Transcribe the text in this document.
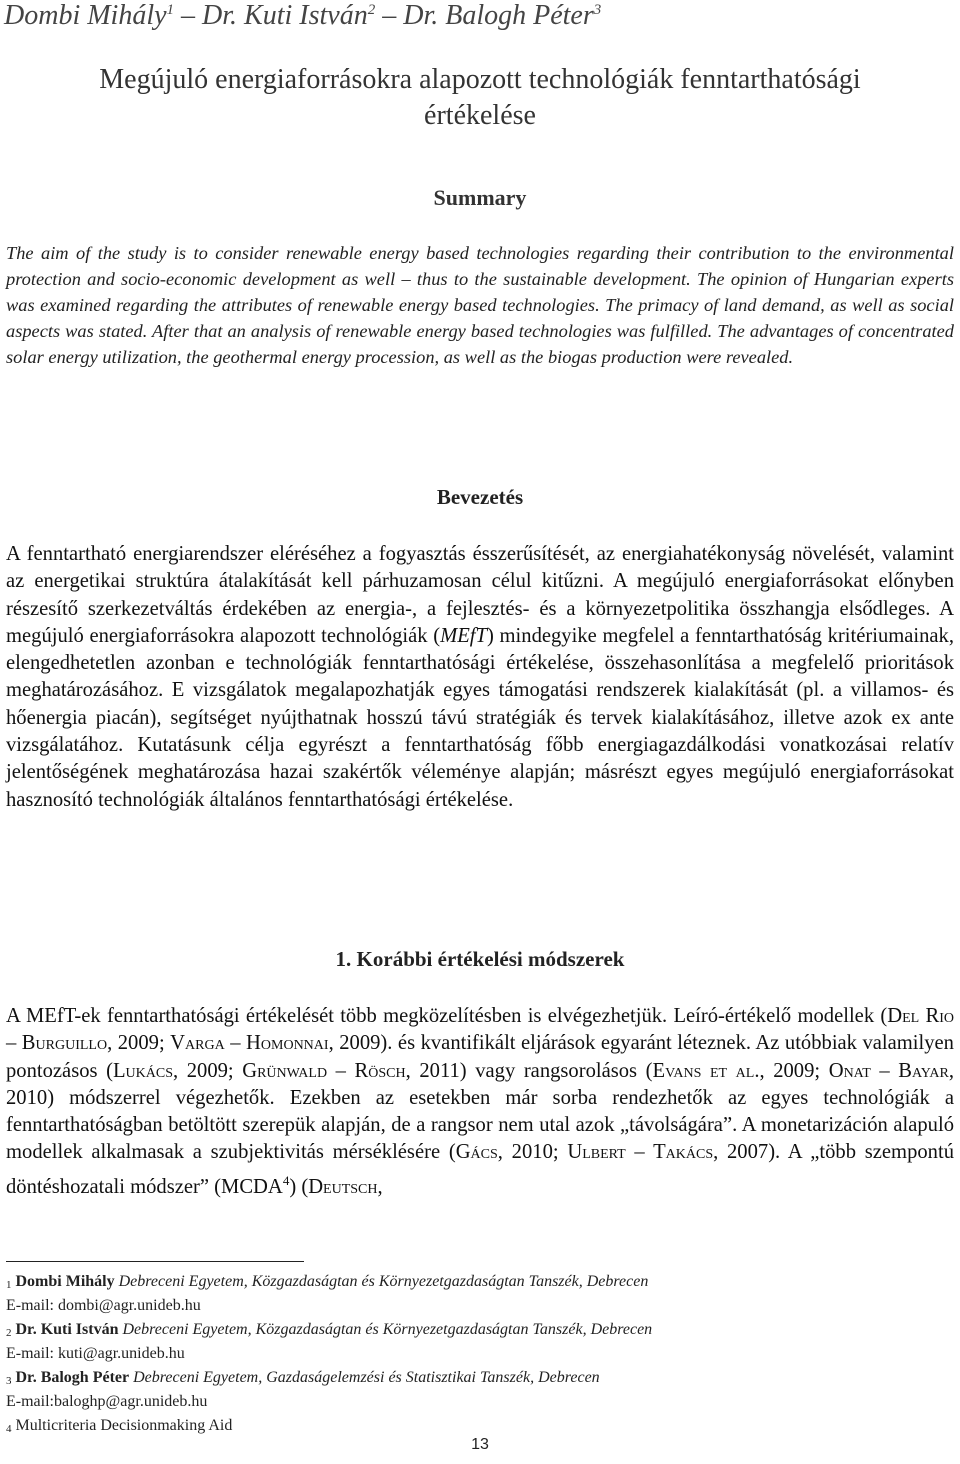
Dombi Mihály$^1$ – Dr. Kuti István$^2$ – Dr. Balogh Péter$^3$
Megújuló energiaforrásokra alapozott technológiák fenntarthatósági
értékelése
Summary
The aim of the study is to consider renewable energy based technologies regarding their contribution to the environmental protection and socio-economic development as well – thus to the sustainable development. The opinion of Hungarian experts was examined regarding the attributes of renewable energy based technologies. The primacy of land demand, as well as social aspects was stated. After that an analysis of renewable energy based technologies was fulfilled. The advantages of concentrated solar energy utilization, the geothermal energy procession, as well as the biogas production were revealed.
Bevezetés
A fenntartható energiarendszer eléréséhez a fogyasztás ésszerűsítését, az energiahatékonyság növelését, valamint az energetikai struktúra átalakítását kell párhuzamosan célul kitűzni. A megújuló energiaforrásokat előnyben részesítő szerkezetváltás érdekében az energia-, a fejlesztés- és a környezetpolitika összhangja elsődleges. A megújuló energiaforrásokra alapozott technológiák (MEfT) mindegyike megfelel a fenntarthatóság kritériumainak, elengedhetetlen azonban e technológiák fenntarthatósági értékelése, összehasonlítása a megfelelő prioritások meghatározásához. E vizsgálatok megalapozhatják egyes támogatási rendszerek kialakítását (pl. a villamos- és hőenergia piacán), segítséget nyújthatnak hosszú távú stratégiák és tervek kialakításához, illetve azok ex ante vizsgálatához. Kutatásunk célja egyrészt a fenntarthatóság főbb energiagazdálkodási vonatkozásai relatív jelentőségének meghatározása hazai szakértők véleménye alapján; másrészt egyes megújuló energiaforrásokat hasznosító technológiák általános fenntarthatósági értékelése.
1. Korábbi értékelési módszerek
A MEfT-ek fenntarthatósági értékelését több megközelítésben is elvégezhetjük. Leíró-értékelő modellek (Del Rio – Burguillo, 2009; Varga – Homonnai, 2009). és kvantifikált eljárások egyaránt léteznek. Az utóbbiak valamilyen pontozásos (Lukács, 2009; Grünwald – Rösch, 2011) vagy rangsorolásos (Evans et al., 2009; Onat – Bayar, 2010) módszerrel végezhetők. Ezekben az esetekben már sorba rendezhetők az egyes technológiák a fenntarthatóságban betöltött szerepük alapján, de a rangsor nem utal azok „távolságára”. A monetarizáción alapuló modellek alkalmasak a szubjektivitás mérséklésére (Gács, 2010; Ulbert – Takács, 2007). A „több szempontú döntéshozatali módszer” (MCDA$^4$) (Deutsch,
$^1$ Dombi Mihály Debreceni Egyetem, Közgazdaságtan és Környezetgazdaságtan Tanszék, Debrecen
E-mail: dombi@agr.unideb.hu
$^2$ Dr. Kuti István Debreceni Egyetem, Közgazdaságtan és Környezetgazdaságtan Tanszék, Debrecen
E-mail: kuti@agr.unideb.hu
$^3$ Dr. Balogh Péter Debreceni Egyetem, Gazdaságelemzési és Statisztikai Tanszék, Debrecen
E-mail:baloghp@agr.unideb.hu
$^4$ Multicriteria Decisionmaking Aid
13
